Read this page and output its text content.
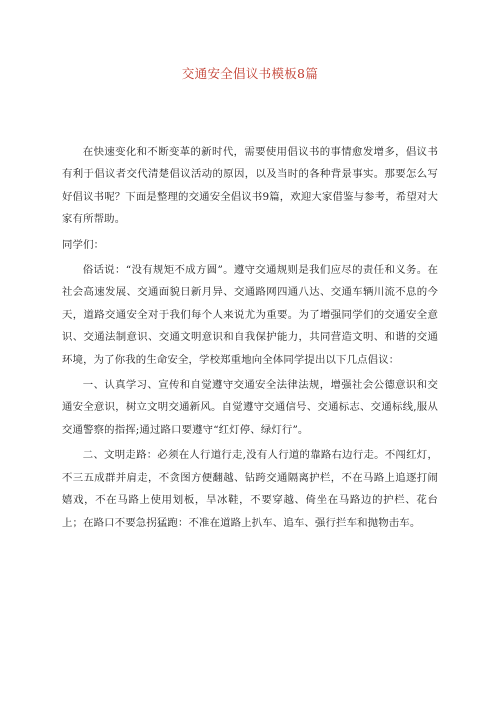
交通安全倡议书模板8篇

在快速变化和不断变革的新时代，需要使用倡议书的事情愈发增多，倡议书有利于倡议者交代清楚倡议活动的原因，以及当时的各种背景事实。那要怎么写好倡议书呢？下面是整理的交通安全倡议书9篇，欢迎大家借鉴与参考，希望对大家有所帮助。

同学们：

俗话说：“没有规矩不成方圆”。遵守交通规则是我们应尽的责任和义务。在社会高速发展、交通面貌日新月异、交通路网四通八达、交通车辆川流不息的今天，道路交通安全对于我们每个人来说尤为重要。为了增强同学们的交通安全意识、交通法制意识、交通文明意识和自我保护能力，共同营造文明、和谐的交通环境，为了你我的生命安全，学校郑重地向全体同学提出以下几点倡议：

一、认真学习、宣传和自觉遵守交通安全法律法规，增强社会公德意识和交通安全意识，树立文明交通新风。自觉遵守交通信号、交通标志、交通标线,服从交通警察的指挥;通过路口要遵守“红灯停、绿灯行”。

二、文明走路：必须在人行道行走,没有人行道的靠路右边行走。不闯红灯，不三五成群并肩走，不贪图方便翻越、钻跨交通隔离护栏，不在马路上追逐打闹嬉戏，不在马路上使用划板，旱冰鞋，不要穿越、倚坐在马路边的护栏、花台上；在路口不要急拐猛跑：不准在道路上扒车、追车、强行拦车和抛物击车。
